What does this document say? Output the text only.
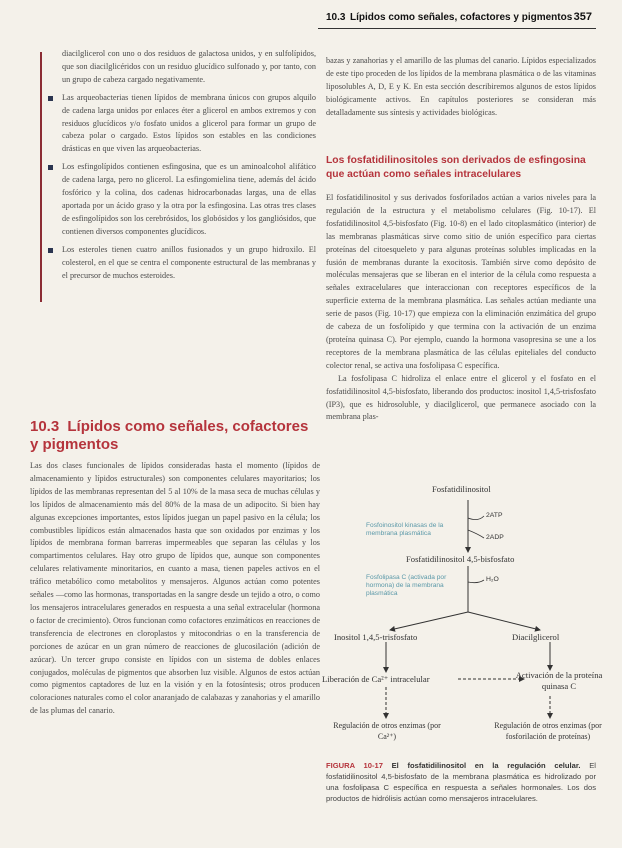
10.3 Lípidos como señales, cofactores y pigmentos 357

diacilglicerol con uno o dos residuos de galactosa unidos, y en sulfolípidos, que son diacilglicéridos con un residuo glucídico sulfonado y, por tanto, con un grupo de cabeza cargado negativamente.

Las arqueobacterias tienen lípidos de membrana únicos con grupos alquilo de cadena larga unidos por enlaces éter a glicerol en ambos extremos y con residuos glucídicos y/o fosfato unidos a glicerol para formar un grupo de cabeza polar o cargado. Estos lípidos son estables en las condiciones drásticas en que viven las arqueobacterias.

Los esfingolípidos contienen esfingosina, que es un aminoalcohol alifático de cadena larga, pero no glicerol. La esfingomielina tiene, además del ácido fosfórico y la colina, dos cadenas hidrocarbonadas largas, una de ellas aportada por un ácido graso y la otra por la esfingosina. Las otras tres clases de esfingolípidos son los cerebrósidos, los globósidos y los gangliósidos, que contienen diversos componentes glucídicos.

Los esteroles tienen cuatro anillos fusionados y un grupo hidroxilo. El colesterol, en el que se centra el componente estructural de las membranas y el precursor de muchos esteroides.

10.3 Lípidos como señales, cofactores y pigmentos

Las dos clases funcionales de lípidos consideradas hasta el momento (lípidos de almacenamiento y lípidos estructurales) son componentes celulares mayoritarios; los lípidos de las membranas representan del 5 al 10% de la masa seca de muchas células y los lípidos de almacenamiento más del 80% de la masa de un adipocito. Si bien hay algunas excepciones importantes, estos lípidos juegan un papel pasivo en la célula; los combustibles lipídicos están almacenados hasta que son oxidados por enzimas y los lípidos de membrana forman barreras impermeables que separan las células y los compartimentos celulares. Hay otro grupo de lípidos que, aunque son componentes celulares relativamente minoritarios, en cuanto a masa, tienen papeles activos en el tráfico metabólico como metabolitos y mensajeros. Algunos actúan como potentes señales —como las hormonas, transportadas en la sangre desde un tejido a otro, o como los mensajeros intracelulares generados en respuesta a una señal extracelular (hormona o factor de crecimiento). Otros funcionan como cofactores enzimáticos en reacciones de transferencia de electrones en cloroplastos y mitocondrias o en la transferencia de porciones de azúcar en un gran número de reacciones de glucosilación (adición de azúcar). Un tercer grupo consiste en lípidos con un sistema de dobles enlaces conjugados, moléculas de pigmentos que absorben luz visible. Algunos de estos actúan como pigmentos captadores de luz en la visión y en la fotosíntesis; otros producen coloraciones naturales como el color anaranjado de calabazas y zanahorias y el amarillo de las plumas del canario.

bazas y zanahorias y el amarillo de las plumas del canario. Lípidos especializados de este tipo proceden de los lípidos de la membrana plasmática o de las vitaminas liposolubles A, D, E y K. En esta sección describiremos algunos de estos lípidos biológicamente activos. En capítulos posteriores se consideran más detalladamente sus síntesis y actividades biológicas.

Los fosfatidilinositoles son derivados de esfingosina que actúan como señales intracelulares

El fosfatidilinositol y sus derivados fosforilados actúan a varios niveles para la regulación de la estructura y el metabolismo celulares (Fig. 10-17). El fosfatidilinositol 4,5-bisfosfato (Fig. 10-8) en el lado citoplasmático (interior) de las membranas plasmáticas sirve como sitio de unión específico para ciertas proteínas del citoesqueleto y para algunas proteínas solubles implicadas en la fusión de membranas durante la exocitosis. También sirve como depósito de moléculas mensajeras que se liberan en el interior de la célula como respuesta a señales extracelulares que interaccionan con receptores específicos de la superficie externa de la membrana plasmática. Las señales actúan mediante una serie de pasos (Fig. 10-17) que empieza con la eliminación enzimática del grupo de cabeza de un fosfolípido y que termina con la activación de un enzima (proteína quinasa C). Por ejemplo, cuando la hormona vasopresina se une a los receptores de la membrana plasmática de las células epiteliales del conducto colector renal, se activa una fosfolipasa C específica.

La fosfolipasa C hidroliza el enlace entre el glicerol y el fosfato en el fosfatidilinositol 4,5-bisfosfato, liberando dos productos: inositol 1,4,5-trisfosfato (IP3), que es hidrosoluble, y diacilglicerol, que permanece asociado con la membrana plas-

Fosfatidilinositol
Fosfoinositol kinasas de la membrana plasmática
2ATP
2ADP
Fosfatidilinositol 4,5-bisfosfato
Fosfolipasa C (activada por hormona) de la membrana plasmática
H₂O
Inositol 1,4,5-trisfosfato	Diacilglicerol
Liberación de Ca²⁺ intracelular	Activación de la proteína quinasa C
Regulación de otros enzimas (por Ca²⁺)
Regulación de otros enzimas (por fosforilación de proteínas)
FIGURA 10-17 El fosfatidilinositol en la regulación celular. El fosfatidilinositol 4,5-bisfosfato de la membrana plasmática es hidrolizado por una fosfolipasa C específica en respuesta a señales hormonales. Los dos productos de hidrólisis actúan como mensajeros intracelulares.
